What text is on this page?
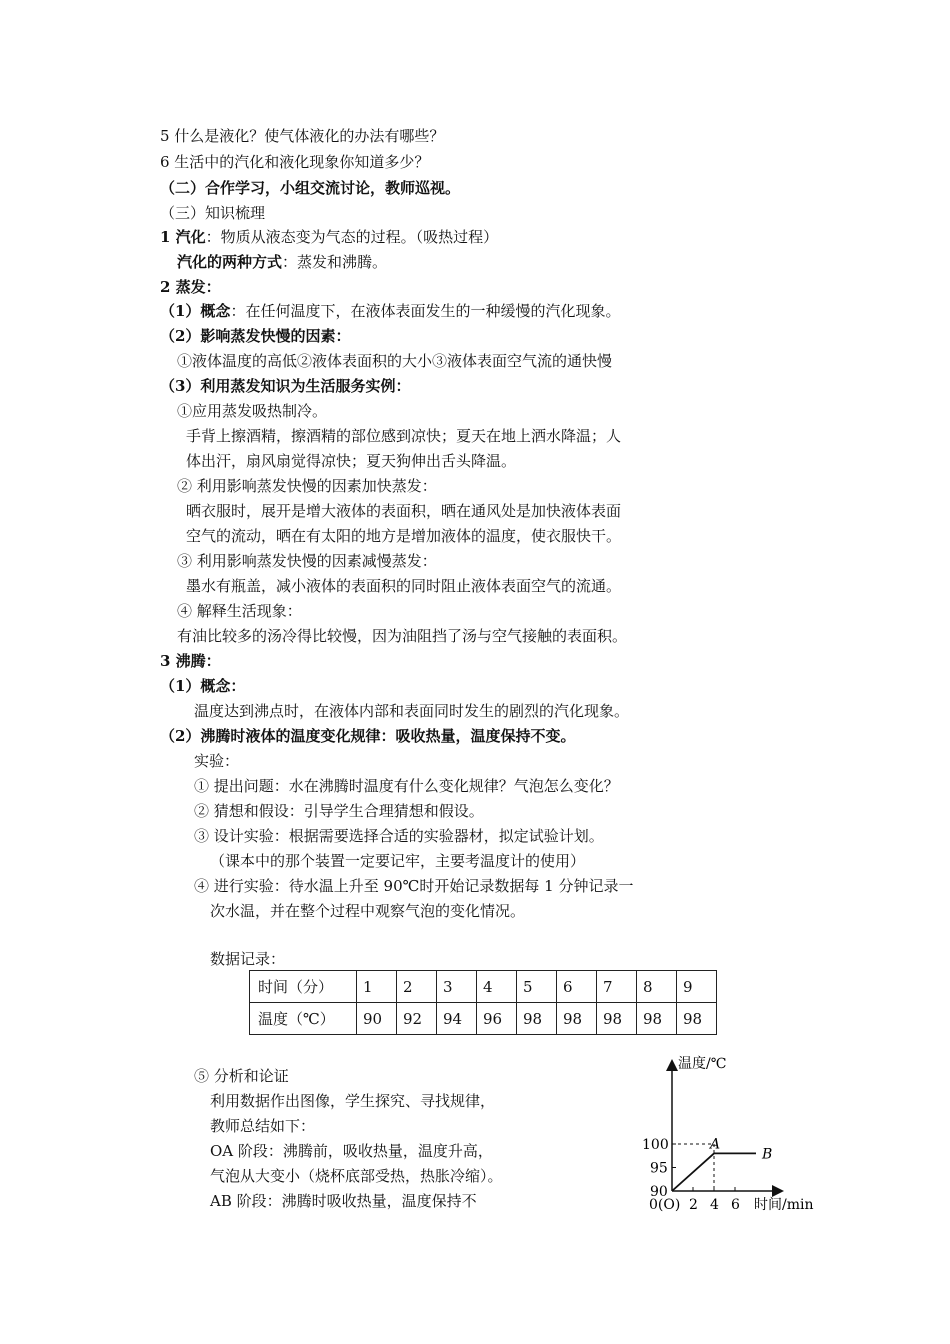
5 什么是液化？使气体液化的办法有哪些？
6 生活中的汽化和液化现象你知道多少？
（二）合作学习，小组交流讨论，教师巡视。
（三）知识梳理
1 汽化：物质从液态变为气态的过程。（吸热过程）
汽化的两种方式：蒸发和沸腾。
2 蒸发：
（1）概念：在任何温度下，在液体表面发生的一种缓慢的汽化现象。
（2）影响蒸发快慢的因素：
①液体温度的高低②液体表面积的大小③液体表面空气流的通快慢
（3）利用蒸发知识为生活服务实例：
①应用蒸发吸热制冷。
手背上擦酒精，擦酒精的部位感到凉快；夏天在地上洒水降温；人
体出汗，扇风扇觉得凉快；夏天狗伸出舌头降温。
② 利用影响蒸发快慢的因素加快蒸发：
晒衣服时，展开是增大液体的表面积，晒在通风处是加快液体表面
空气的流动，晒在有太阳的地方是增加液体的温度，使衣服快干。
③ 利用影响蒸发快慢的因素减慢蒸发：
墨水有瓶盖，减小液体的表面积的同时阻止液体表面空气的流通。
④ 解释生活现象：
有油比较多的汤冷得比较慢，因为油阻挡了汤与空气接触的表面积。
3 沸腾：
（1）概念：
温度达到沸点时，在液体内部和表面同时发生的剧烈的汽化现象。
（2）沸腾时液体的温度变化规律：吸收热量，温度保持不变。
实验：
① 提出问题：水在沸腾时温度有什么变化规律？气泡怎么变化？
② 猜想和假设：引导学生合理猜想和假设。
③ 设计实验：根据需要选择合适的实验器材，拟定试验计划。
（课本中的那个装置一定要记牢，主要考温度计的使用）
④ 进行实验：待水温上升至 90℃时开始记录数据每 1 分钟记录一
次水温，并在整个过程中观察气泡的变化情况。
数据记录：
时间（分）	1	2	3	4	5	6	7	8	9
温度（℃）	90	92	94	96	98	98	98	98	98
⑤ 分析和论证
利用数据作出图像，学生探究、寻找规律，
教师总结如下：
OA 阶段：沸腾前，吸收热量，温度升高，
气泡从大变小（烧杯底部受热，热胀冷缩）。
AB 阶段：沸腾时吸收热量，温度保持不	2 4 6
90
95
100	A
B
温度/℃
时间/min
0(O)
